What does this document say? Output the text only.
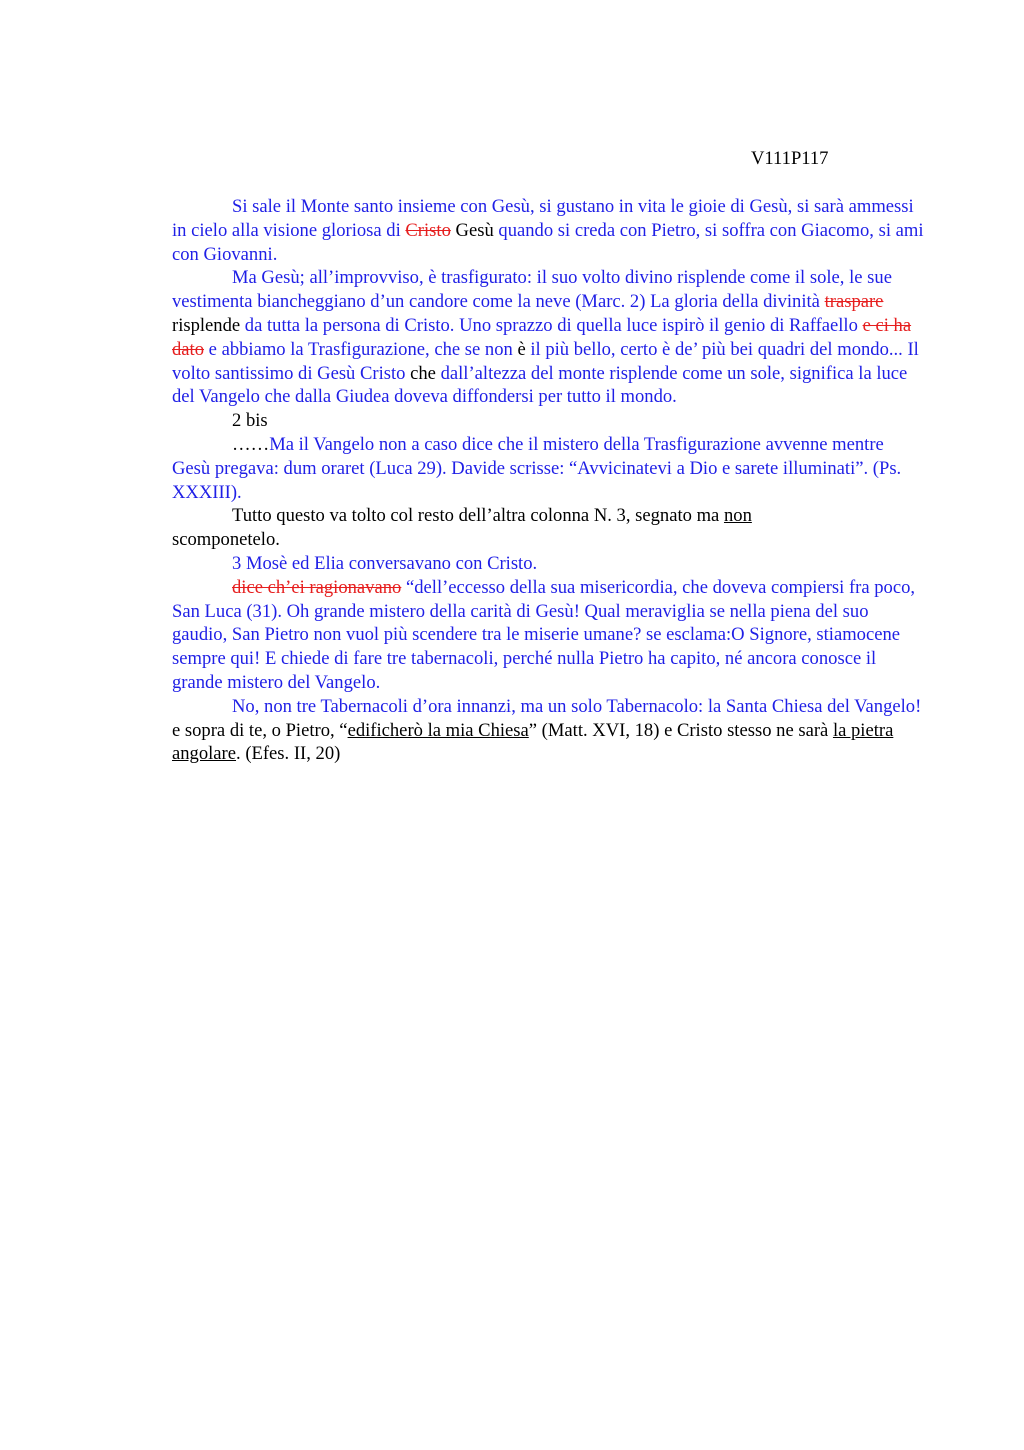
V111P117

Si sale il Monte santo insieme con Gesù, si gustano in vita le gioie di Gesù, si sarà ammessi in cielo alla visione gloriosa di Cristo Gesù quando si creda con Pietro, si soffra con Giacomo, si ami con Giovanni.

Ma Gesù; all’improvviso, è trasfigurato: il suo volto divino risplende come il sole, le sue vestimenta biancheggiano d’un candore come la neve (Marc. 2) La gloria della divinità traspare risplende da tutta la persona di Cristo. Uno sprazzo di quella luce ispirò il genio di Raffaello e ci ha dato e abbiamo la Trasfigurazione, che se non è il più bello, certo è de’ più bei quadri del mondo... Il volto santissimo di Gesù Cristo che dall’altezza del monte risplende come un sole, significa la luce del Vangelo che dalla Giudea doveva diffondersi per tutto il mondo.

2 bis

……Ma il Vangelo non a caso dice che il mistero della Trasfigurazione avvenne mentre Gesù pregava: dum oraret (Luca 29). Davide scrisse: “Avvicinatevi a Dio e sarete illuminati”. (Ps. XXXIII).

Tutto questo va tolto col resto dell’altra colonna N. 3, segnato ma non
scomponetelo.

3 Mosè ed Elia conversavano con Cristo.

dice ch’ei ragionavano “dell’eccesso della sua misericordia, che doveva compiersi fra poco, San Luca (31). Oh grande mistero della carità di Gesù! Qual meraviglia se nella piena del suo gaudio, San Pietro non vuol più scendere tra le miserie umane? se esclama:O Signore, stiamocene sempre qui! E chiede di fare tre tabernacoli, perché nulla Pietro ha capito, né ancora conosce il grande mistero del Vangelo.

No, non tre Tabernacoli d’ora innanzi, ma un solo Tabernacolo: la Santa Chiesa del Vangelo! e sopra di te, o Pietro, “edificherò la mia Chiesa” (Matt. XVI, 18) e Cristo stesso ne sarà la pietra angolare. (Efes. II, 20)
